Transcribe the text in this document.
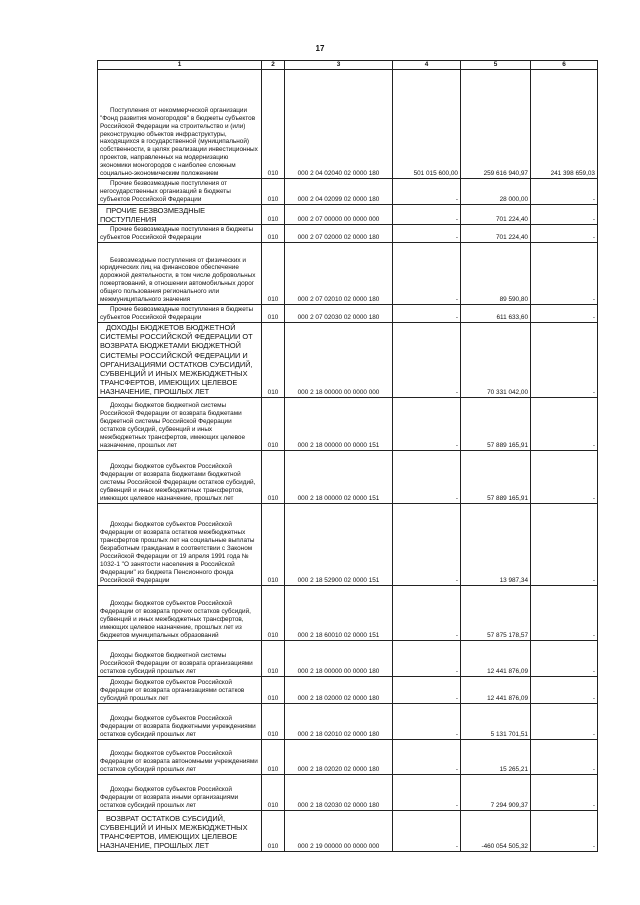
17
1	2	3	4	5	6
Поступления от некоммерческой организации "Фонд развития моногородов" в бюджеты субъектов Российской Федерации на строительство и (или) реконструкцию объектов инфраструктуры, находящихся в государственной (муниципальной) собственности, в целях реализации инвестиционных проектов, направленных на модернизацию экономики моногородов с наиболее сложным социально-экономическим положением	010	000 2 04 02040 02 0000 180	501 015 600,00	259 616 940,97	241 398 659,03
Прочие безвозмездные поступления от негосударственных организаций в бюджеты субъектов Российской Федерации	010	000 2 04 02099 02 0000 180	-	28 000,00	-
ПРОЧИЕ БЕЗВОЗМЕЗДНЫЕ ПОСТУПЛЕНИЯ	010	000 2 07 00000 00 0000 000	-	701 224,40	-
Прочие безвозмездные поступления в бюджеты субъектов Российской Федерации	010	000 2 07 02000 02 0000 180	-	701 224,40	-
Безвозмездные поступления от физических и юридических лиц на финансовое обеспечение дорожной деятельности, в том числе добровольных пожертвований, в отношении автомобильных дорог общего пользования регионального или межмуниципального значения	010	000 2 07 02010 02 0000 180	-	89 590,80	-
Прочие безвозмездные поступления в бюджеты субъектов Российской Федерации	010	000 2 07 02030 02 0000 180	-	611 633,60	-
ДОХОДЫ БЮДЖЕТОВ БЮДЖЕТНОЙ СИСТЕМЫ РОССИЙСКОЙ ФЕДЕРАЦИИ ОТ ВОЗВРАТА БЮДЖЕТАМИ БЮДЖЕТНОЙ СИСТЕМЫ РОССИЙСКОЙ ФЕДЕРАЦИИ И ОРГАНИЗАЦИЯМИ ОСТАТКОВ СУБСИДИЙ, СУБВЕНЦИЙ И ИНЫХ МЕЖБЮДЖЕТНЫХ ТРАНСФЕРТОВ, ИМЕЮЩИХ ЦЕЛЕВОЕ НАЗНАЧЕНИЕ, ПРОШЛЫХ ЛЕТ	010	000 2 18 00000 00 0000 000	-	70 331 042,00	-
Доходы бюджетов бюджетной системы Российской Федерации от возврата бюджетами бюджетной системы Российской Федерации остатков субсидий, субвенций и иных межбюджетных трансфертов, имеющих целевое назначение, прошлых лет	010	000 2 18 00000 00 0000 151	-	57 889 165,91	-
Доходы бюджетов субъектов Российской Федерации от возврата бюджетами бюджетной системы Российской Федерации остатков субсидий, субвенций и иных межбюджетных трансфертов, имеющих целевое назначение, прошлых лет	010	000 2 18 00000 02 0000 151	-	57 889 165,91	-
Доходы бюджетов субъектов Российской Федерации от возврата остатков межбюджетных трансфертов прошлых лет на социальные выплаты безработным гражданам в соответствии с Законом Российской Федерации от 19 апреля 1991 года № 1032-1 "О занятости населения в Российской Федерации" из бюджета Пенсионного фонда Российской Федерации	010	000 2 18 52900 02 0000 151	-	13 987,34	-
Доходы бюджетов субъектов Российской Федерации от возврата прочих остатков субсидий, субвенций и иных межбюджетных трансфертов, имеющих целевое назначение, прошлых лет из бюджетов муниципальных образований	010	000 2 18 60010 02 0000 151	-	57 875 178,57	-
Доходы бюджетов бюджетной системы Российской Федерации от возврата организациями остатков субсидий прошлых лет	010	000 2 18 00000 00 0000 180	-	12 441 876,09	-
Доходы бюджетов субъектов Российской Федерации от возврата организациями остатков субсидий прошлых лет	010	000 2 18 02000 02 0000 180	-	12 441 876,09	-
Доходы бюджетов субъектов Российской Федерации от возврата бюджетными учреждениями остатков субсидий прошлых лет	010	000 2 18 02010 02 0000 180	-	5 131 701,51	-
Доходы бюджетов субъектов Российской Федерации от возврата автономными учреждениями остатков субсидий прошлых лет	010	000 2 18 02020 02 0000 180	-	15 265,21	-
Доходы бюджетов субъектов Российской Федерации от возврата иными организациями остатков субсидий прошлых лет	010	000 2 18 02030 02 0000 180	-	7 294 909,37	-
ВОЗВРАТ ОСТАТКОВ СУБСИДИЙ, СУБВЕНЦИЙ И ИНЫХ МЕЖБЮДЖЕТНЫХ ТРАНСФЕРТОВ, ИМЕЮЩИХ ЦЕЛЕВОЕ НАЗНАЧЕНИЕ, ПРОШЛЫХ ЛЕТ	010	000 2 19 00000 00 0000 000	-	-460 054 505,32	-
